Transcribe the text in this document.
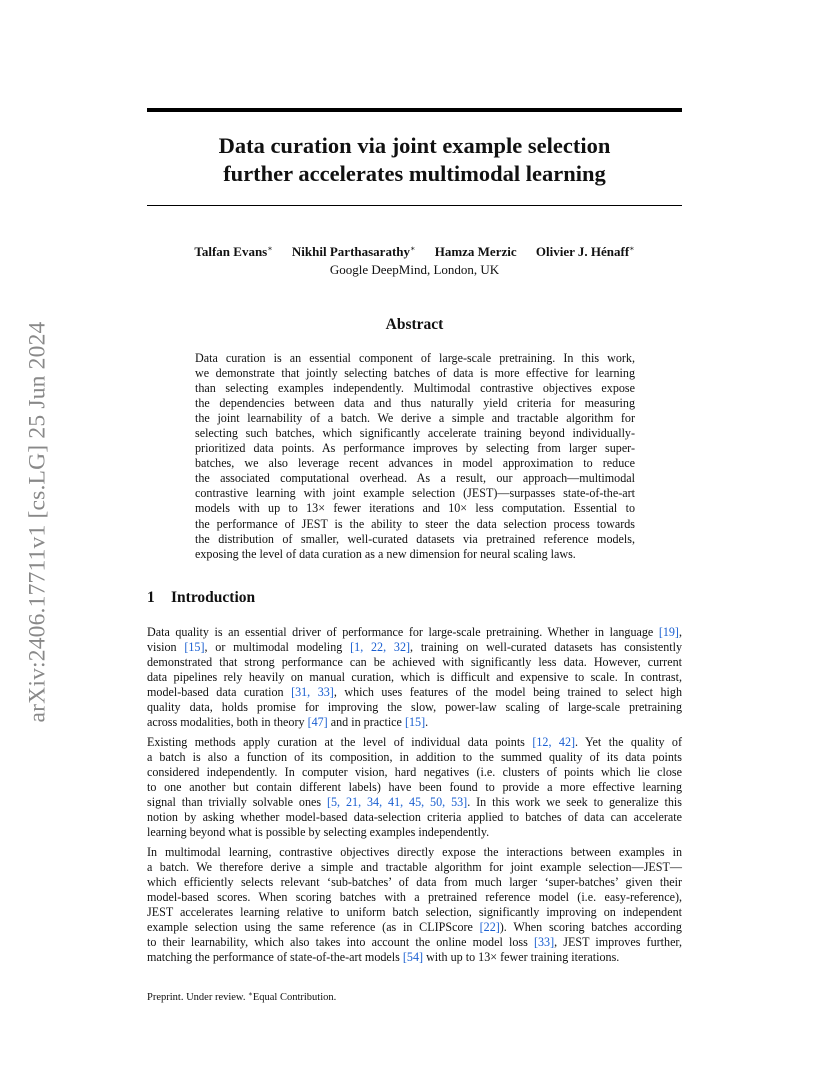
arXiv:2406.17711v1 [cs.LG] 25 Jun 2024
Data curation via joint example selection
further accelerates multimodal learning
Talfan Evans∗ Nikhil Parthasarathy∗ Hamza Merzic Olivier J. Hénaff∗
Google DeepMind, London, UK
Abstract
Data curation is an essential component of large-scale pretraining. In this work,
we demonstrate that jointly selecting batches of data is more effective for learning
than selecting examples independently. Multimodal contrastive objectives expose
the dependencies between data and thus naturally yield criteria for measuring
the joint learnability of a batch. We derive a simple and tractable algorithm for
selecting such batches, which significantly accelerate training beyond individually-
prioritized data points. As performance improves by selecting from larger super-
batches, we also leverage recent advances in model approximation to reduce
the associated computational overhead. As a result, our approach—multimodal
contrastive learning with joint example selection (JEST)—surpasses state-of-the-art
models with up to 13× fewer iterations and 10× less computation. Essential to
the performance of JEST is the ability to steer the data selection process towards
the distribution of smaller, well-curated datasets via pretrained reference models,
exposing the level of data curation as a new dimension for neural scaling laws.
1 Introduction
Data quality is an essential driver of performance for large-scale pretraining. Whether in language [19],
vision [15], or multimodal modeling [1, 22, 32], training on well-curated datasets has consistently
demonstrated that strong performance can be achieved with significantly less data. However, current
data pipelines rely heavily on manual curation, which is difficult and expensive to scale. In contrast,
model-based data curation [31, 33], which uses features of the model being trained to select high
quality data, holds promise for improving the slow, power-law scaling of large-scale pretraining
across modalities, both in theory [47] and in practice [15].
Existing methods apply curation at the level of individual data points [12, 42]. Yet the quality of
a batch is also a function of its composition, in addition to the summed quality of its data points
considered independently. In computer vision, hard negatives (i.e. clusters of points which lie close
to one another but contain different labels) have been found to provide a more effective learning
signal than trivially solvable ones [5, 21, 34, 41, 45, 50, 53]. In this work we seek to generalize this
notion by asking whether model-based data-selection criteria applied to batches of data can accelerate
learning beyond what is possible by selecting examples independently.
In multimodal learning, contrastive objectives directly expose the interactions between examples in
a batch. We therefore derive a simple and tractable algorithm for joint example selection—JEST—
which efficiently selects relevant ‘sub-batches’ of data from much larger ‘super-batches’ given their
model-based scores. When scoring batches with a pretrained reference model (i.e. easy-reference),
JEST accelerates learning relative to uniform batch selection, significantly improving on independent
example selection using the same reference (as in CLIPScore [22]). When scoring batches according
to their learnability, which also takes into account the online model loss [33], JEST improves further,
matching the performance of state-of-the-art models [54] with up to 13× fewer training iterations.
Preprint. Under review. ∗Equal Contribution.
